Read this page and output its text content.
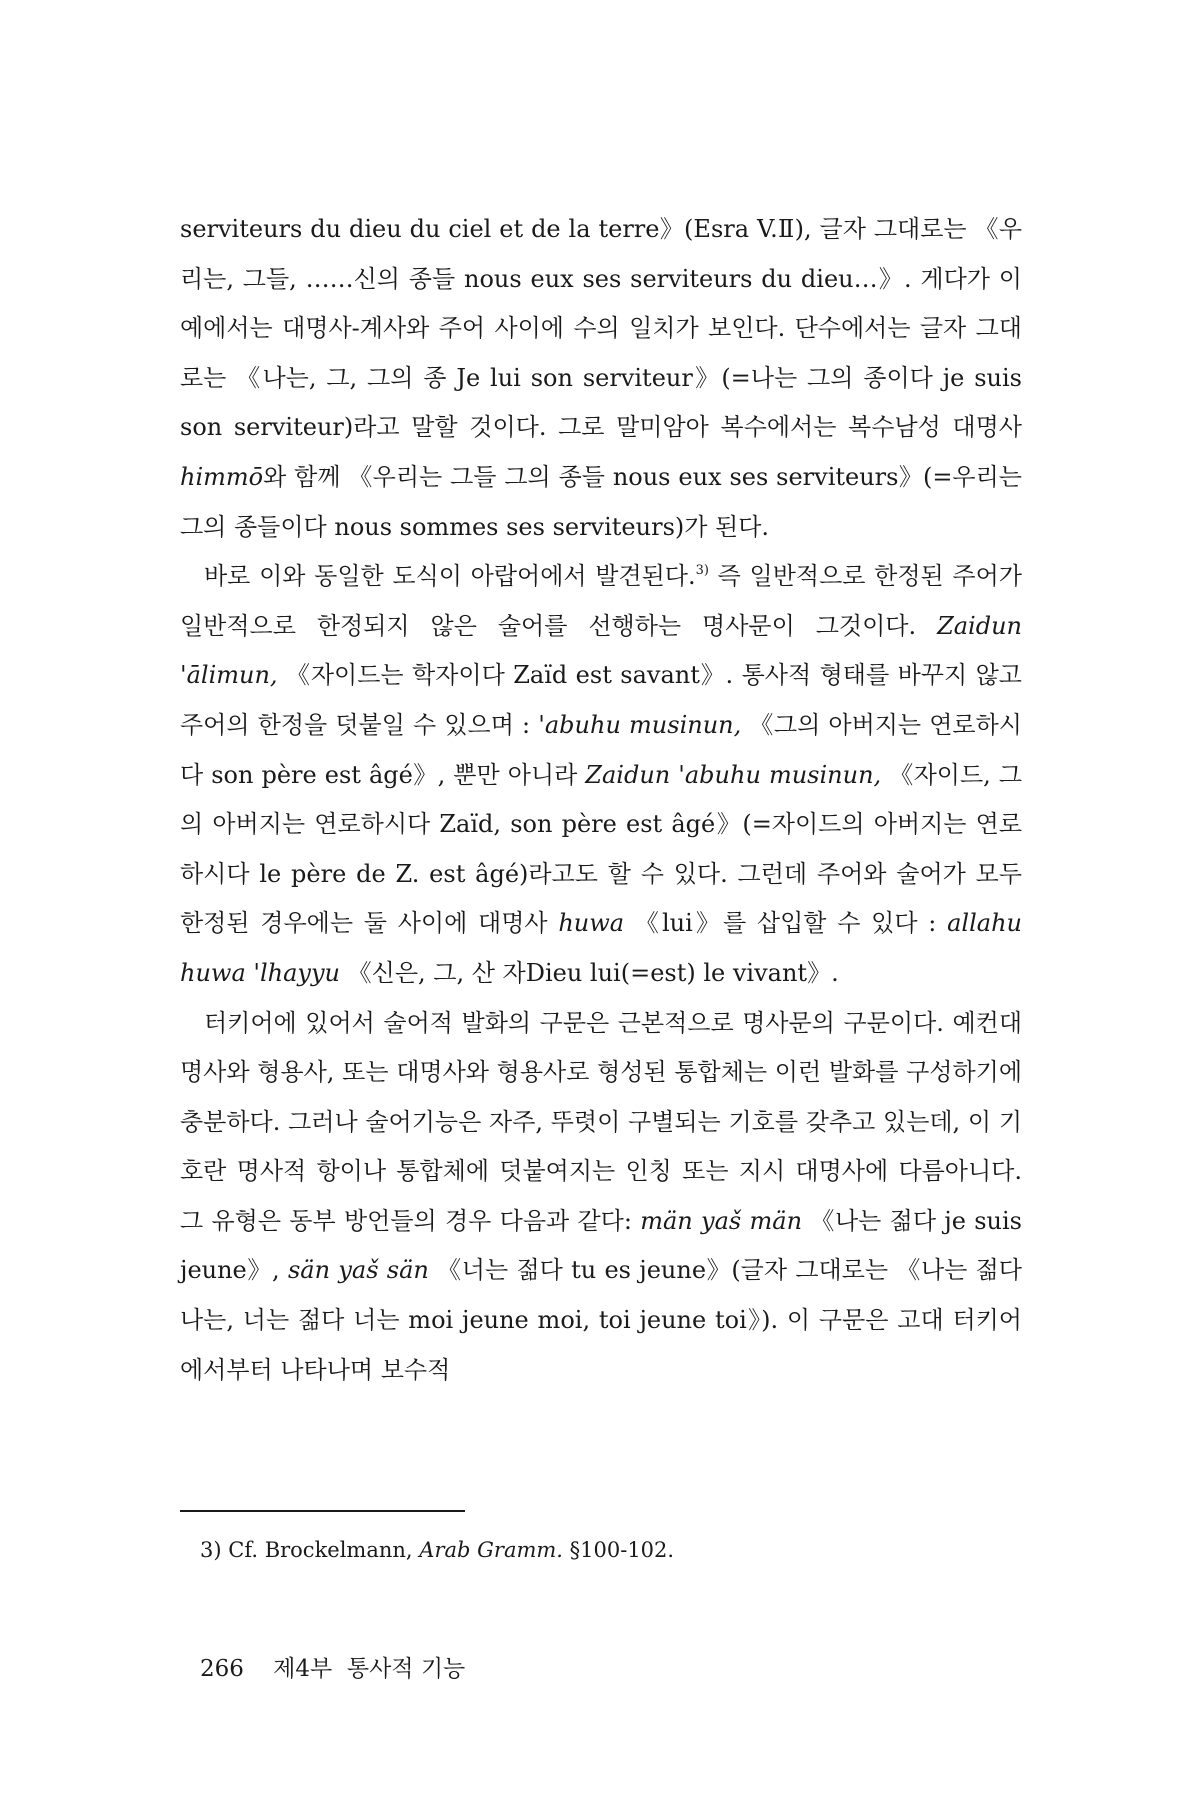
serviteurs du dieu du ciel et de la terre》(Esra V.Ⅱ), 글자 그대로는 《우리는, 그들, ……신의 종들 nous eux ses serviteurs du dieu…》. 게다가 이 예에서는 대명사-계사와 주어 사이에 수의 일치가 보인다. 단수에서는 글자 그대로는 《나는, 그, 그의 종 Je lui son serviteur》(=나는 그의 종이다 je suis son serviteur)라고 말할 것이다. 그로 말미암아 복수에서는 복수남성 대명사 himmō와 함께 《우리는 그들 그의 종들 nous eux ses serviteurs》(=우리는 그의 종들이다 nous sommes ses serviteurs)가 된다.

바로 이와 동일한 도식이 아랍어에서 발견된다.$^{3)}$ 즉 일반적으로 한정된 주어가 일반적으로 한정되지 않은 술어를 선행하는 명사문이 그것이다. Zaidun 'ālimun, 《자이드는 학자이다 Zaïd est savant》. 통사적 형태를 바꾸지 않고 주어의 한정을 덧붙일 수 있으며 : 'abuhu musinun, 《그의 아버지는 연로하시다 son père est âgé》, 뿐만 아니라 Zaidun 'abuhu musinun, 《자이드, 그의 아버지는 연로하시다 Zaïd, son père est âgé》(=자이드의 아버지는 연로하시다 le père de Z. est âgé)라고도 할 수 있다. 그런데 주어와 술어가 모두 한정된 경우에는 둘 사이에 대명사 huwa 《lui》를 삽입할 수 있다 : allahu huwa 'lhayyu 《신은, 그, 산 자Dieu lui(=est) le vivant》.

터키어에 있어서 술어적 발화의 구문은 근본적으로 명사문의 구문이다. 예컨대 명사와 형용사, 또는 대명사와 형용사로 형성된 통합체는 이런 발화를 구성하기에 충분하다. 그러나 술어기능은 자주, 뚜렷이 구별되는 기호를 갖추고 있는데, 이 기호란 명사적 항이나 통합체에 덧붙여지는 인칭 또는 지시 대명사에 다름아니다. 그 유형은 동부 방언들의 경우 다음과 같다: män yaš män 《나는 젊다 je suis jeune》, sän yaš sän 《너는 젊다 tu es jeune》(글자 그대로는 《나는 젊다 나는, 너는 젊다 너는 moi jeune moi, toi jeune toi》). 이 구문은 고대 터키어에서부터 나타나며 보수적

3) Cf. Brockelmann, Arab Gramm. §100-102.
266 제4부  통사적 기능
